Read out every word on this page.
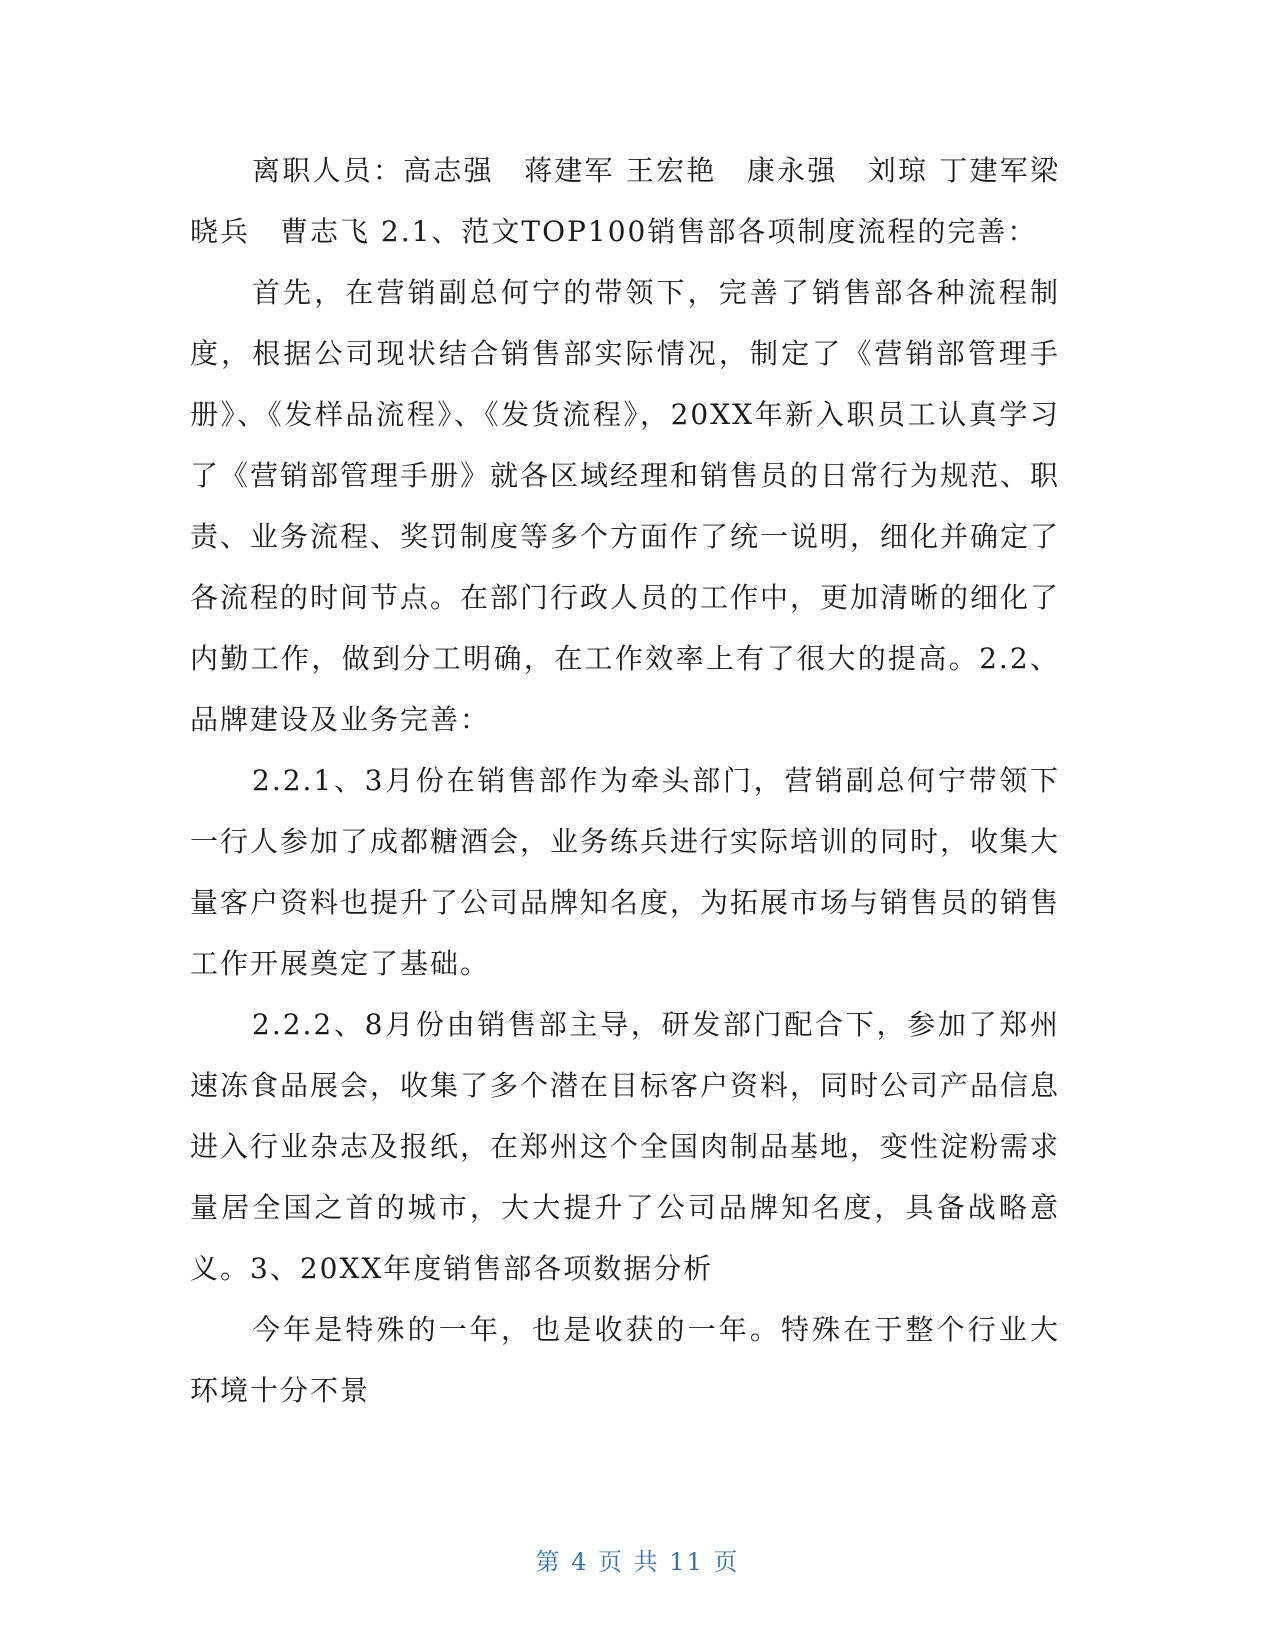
离职人员：高志强　蒋建军 王宏艳　康永强　刘琼 丁建军梁晓兵　曹志飞 2.1、范文TOP100销售部各项制度流程的完善：

首先，在营销副总何宁的带领下，完善了销售部各种流程制度，根据公司现状结合销售部实际情况，制定了《营销部管理手册》、《发样品流程》、《发货流程》，20XX年新入职员工认真学习了《营销部管理手册》就各区域经理和销售员的日常行为规范、职责、业务流程、奖罚制度等多个方面作了统一说明，细化并确定了各流程的时间节点。在部门行政人员的工作中，更加清晰的细化了内勤工作，做到分工明确，在工作效率上有了很大的提高。2.2、品牌建设及业务完善：

2.2.1、3月份在销售部作为牵头部门，营销副总何宁带领下一行人参加了成都糖酒会，业务练兵进行实际培训的同时，收集大量客户资料也提升了公司品牌知名度，为拓展市场与销售员的销售工作开展奠定了基础。

2.2.2、8月份由销售部主导，研发部门配合下，参加了郑州速冻食品展会，收集了多个潜在目标客户资料，同时公司产品信息进入行业杂志及报纸，在郑州这个全国肉制品基地，变性淀粉需求量居全国之首的城市，大大提升了公司品牌知名度，具备战略意义。3、20XX年度销售部各项数据分析

今年是特殊的一年，也是收获的一年。特殊在于整个行业大环境十分不景

第 4 页 共 11 页
